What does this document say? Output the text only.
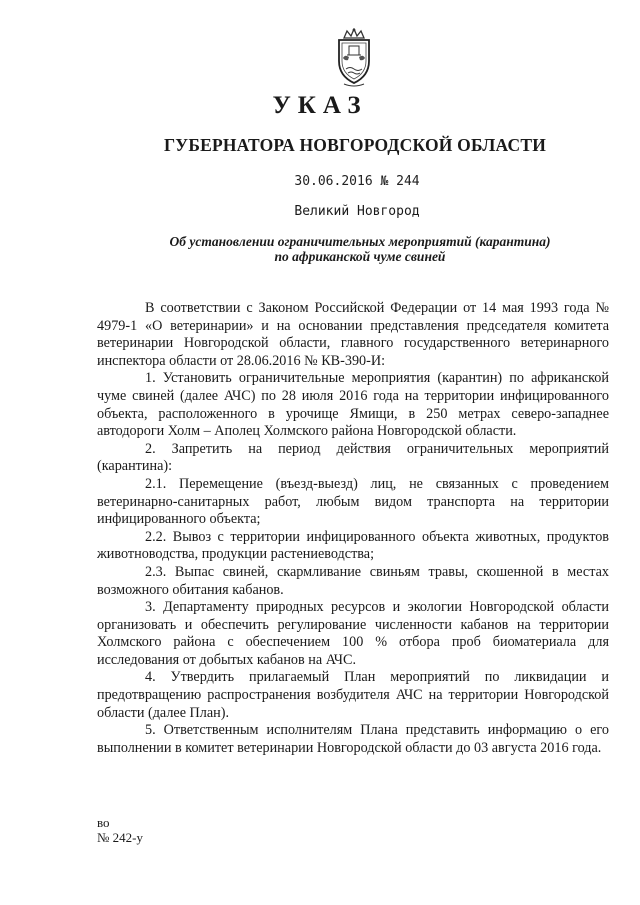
УКАЗ
ГУБЕРНАТОРА НОВГОРОДСКОЙ ОБЛАСТИ
30.06.2016 № 244
Великий Новгород
Об установлении ограничительных мероприятий (карантина)
по африканской чуме свиней

В соответствии с Законом Российской Федерации от 14 мая 1993 года № 4979-1 «О ветеринарии» и на основании представления председателя комитета ветеринарии Новгородской области, главного государственного ветеринарного инспектора области от 28.06.2016 № КВ-390-И:

1. Установить ограничительные мероприятия (карантин) по африканской чуме свиней (далее АЧС) по 28 июля 2016 года на территории инфицированного объекта, расположенного в урочище Ямищи, в 250 метрах северо-западнее автодороги Холм – Аполец Холмского района Новгородской области.

2. Запретить на период действия ограничительных мероприятий (карантина):

2.1. Перемещение (въезд-выезд) лиц, не связанных с проведением ветеринарно-санитарных работ, любым видом транспорта на территории инфицированного объекта;

2.2. Вывоз с территории инфицированного объекта животных, продуктов животноводства, продукции растениеводства;

2.3. Выпас свиней, скармливание свиньям травы, скошенной в местах возможного обитания кабанов.

3. Департаменту природных ресурсов и экологии Новгородской области организовать и обеспечить регулирование численности кабанов на территории Холмского района с обеспечением 100 % отбора проб биоматериала для исследования от добытых кабанов на АЧС.

4. Утвердить прилагаемый План мероприятий по ликвидации и предотвращению распространения возбудителя АЧС на территории Новгородской области (далее План).

5. Ответственным исполнителям Плана представить информацию о его выполнении в комитет ветеринарии Новгородской области до 03 августа 2016 года.

во
№ 242-у
